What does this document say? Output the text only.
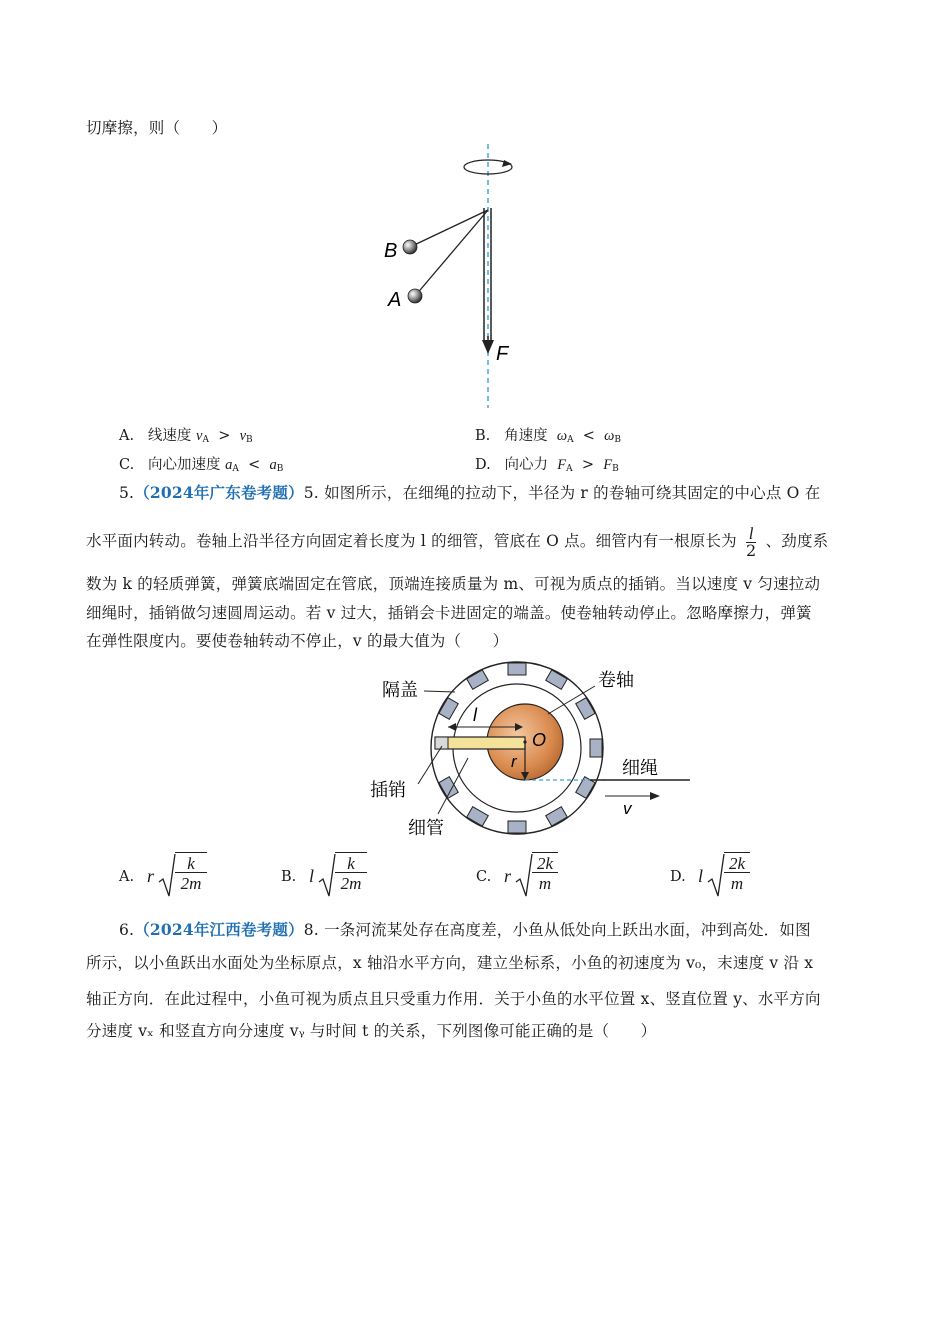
切摩擦，则（　　）
B
A
F
A. 线速度 $v_A > v_B$	B. 角速度 $\omega_A < \omega_B$
C. 向心加速度 $a_A < a_B$	D. 向心力 $F_A > F_B$
5.（2024年广东卷考题）5. 如图所示，在细绳的拉动下，半径为 r 的卷轴可绕其固定的中心点 O 在
水平面内转动。卷轴上沿半径方向固定着长度为 l 的细管，管底在 O 点。细管内有一根原长为 $\frac{l}{2}$ 、劲度系
数为 k 的轻质弹簧，弹簧底端固定在管底，顶端连接质量为 m、可视为质点的插销。当以速度 v 匀速拉动
细绳时，插销做匀速圆周运动。若 v 过大，插销会卡进固定的端盖。使卷轴转动停止。忽略摩擦力，弹簧
在弹性限度内。要使卷轴转动不停止，v 的最大值为（　　）
隔盖	卷轴
l
O
r
插销
细绳
v
细管
A. r
k
2m	B. l
k
2m	C. r
2k
m	D. l
2k
m
6.（2024年江西卷考题）8. 一条河流某处存在高度差，小鱼从低处向上跃出水面，冲到高处．如图
所示，以小鱼跃出水面处为坐标原点，x 轴沿水平方向，建立坐标系，小鱼的初速度为 v₀，末速度 v 沿 x
轴正方向．在此过程中，小鱼可视为质点且只受重力作用．关于小鱼的水平位置 x、竖直位置 y、水平方向
分速度 vₓ 和竖直方向分速度 vᵧ 与时间 t 的关系，下列图像可能正确的是（　　）
